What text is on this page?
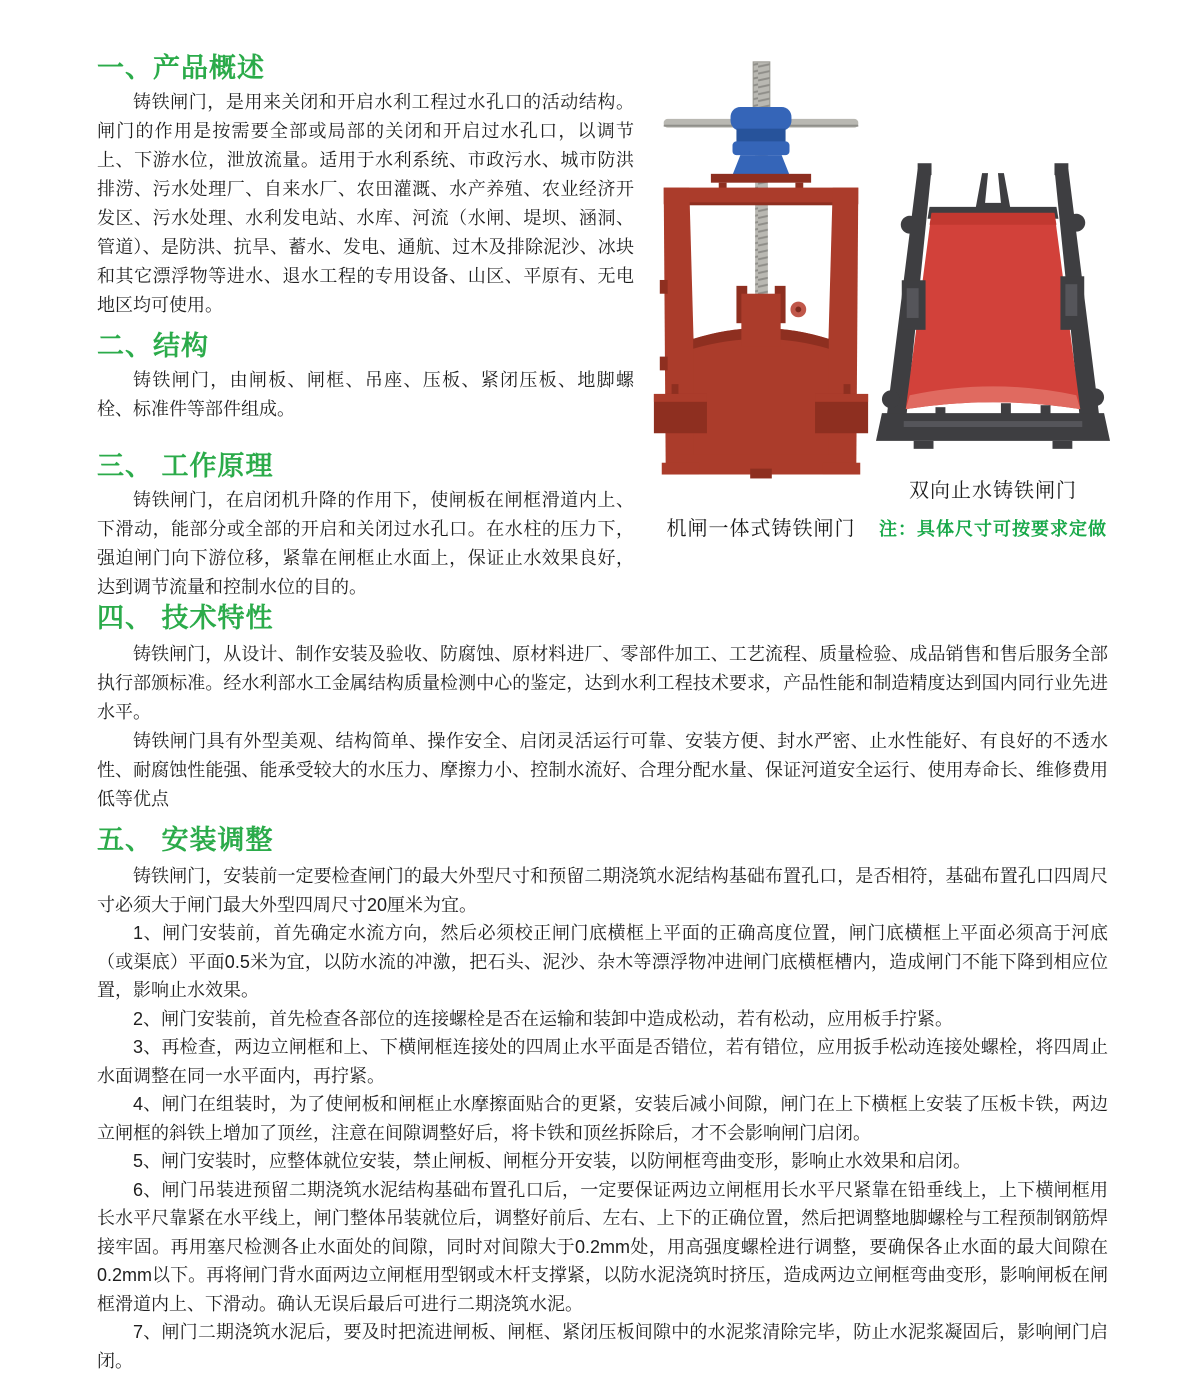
一、产品概述

铸铁闸门，是用来关闭和开启水利工程过水孔口的活动结构。闸门的作用是按需要全部或局部的关闭和开启过水孔口，以调节上、下游水位，泄放流量。适用于水利系统、市政污水、城市防洪排涝、污水处理厂、自来水厂、农田灌溉、水产养殖、农业经济开发区、污水处理、水利发电站、水库、河流（水闸、堤坝、涵洞、管道）、是防洪、抗旱、蓄水、发电、通航、过木及排除泥沙、冰块和其它漂浮物等进水、退水工程的专用设备、山区、平原有、无电地区均可使用。

二、结构

铸铁闸门，由闸板、闸框、吊座、压板、紧闭压板、地脚螺栓、标准件等部件组成。

三、 工作原理

铸铁闸门，在启闭机升降的作用下，使闸板在闸框滑道内上、下滑动，能部分或全部的开启和关闭过水孔口。在水柱的压力下，强迫闸门向下游位移，紧靠在闸框止水面上，保证止水效果良好，达到调节流量和控制水位的目的。

机闸一体式铸铁闸门
双向止水铸铁闸门
注：具体尺寸可按要求定做
四、 技术特性

铸铁闸门，从设计、制作安装及验收、防腐蚀、原材料进厂、零部件加工、工艺流程、质量检验、成品销售和售后服务全部执行部颁标准。经水利部水工金属结构质量检测中心的鉴定，达到水利工程技术要求，产品性能和制造精度达到国内同行业先进水平。

铸铁闸门具有外型美观、结构简单、操作安全、启闭灵活运行可靠、安装方便、封水严密、止水性能好、有良好的不透水性、耐腐蚀性能强、能承受较大的水压力、摩擦力小、控制水流好、合理分配水量、保证河道安全运行、使用寿命长、维修费用低等优点

五、 安装调整

铸铁闸门，安装前一定要检查闸门的最大外型尺寸和预留二期浇筑水泥结构基础布置孔口，是否相符，基础布置孔口四周尺寸必须大于闸门最大外型四周尺寸20厘米为宜。

1、闸门安装前，首先确定水流方向，然后必须校正闸门底横框上平面的正确高度位置，闸门底横框上平面必须高于河底（或渠底）平面0.5米为宜，以防水流的冲激，把石头、泥沙、杂木等漂浮物冲进闸门底横框槽内，造成闸门不能下降到相应位置，影响止水效果。

2、闸门安装前，首先检查各部位的连接螺栓是否在运输和装卸中造成松动，若有松动，应用板手拧紧。

3、再检查，两边立闸框和上、下横闸框连接处的四周止水平面是否错位，若有错位，应用扳手松动连接处螺栓，将四周止水面调整在同一水平面内，再拧紧。

4、闸门在组装时，为了使闸板和闸框止水摩擦面贴合的更紧，安装后减小间隙，闸门在上下横框上安装了压板卡铁，两边立闸框的斜铁上增加了顶丝，注意在间隙调整好后，将卡铁和顶丝拆除后，才不会影响闸门启闭。

5、闸门安装时，应整体就位安装，禁止闸板、闸框分开安装，以防闸框弯曲变形，影响止水效果和启闭。

6、闸门吊装进预留二期浇筑水泥结构基础布置孔口后，一定要保证两边立闸框用长水平尺紧靠在铅垂线上，上下横闸框用长水平尺靠紧在水平线上，闸门整体吊装就位后，调整好前后、左右、上下的正确位置，然后把调整地脚螺栓与工程预制钢筋焊接牢固。再用塞尺检测各止水面处的间隙，同时对间隙大于0.2mm处，用高强度螺栓进行调整，要确保各止水面的最大间隙在0.2mm以下。再将闸门背水面两边立闸框用型钢或木杆支撑紧，以防水泥浇筑时挤压，造成两边立闸框弯曲变形，影响闸板在闸框滑道内上、下滑动。确认无误后最后可进行二期浇筑水泥。

7、闸门二期浇筑水泥后，要及时把流进闸板、闸框、紧闭压板间隙中的水泥浆清除完毕，防止水泥浆凝固后，影响闸门启闭。
